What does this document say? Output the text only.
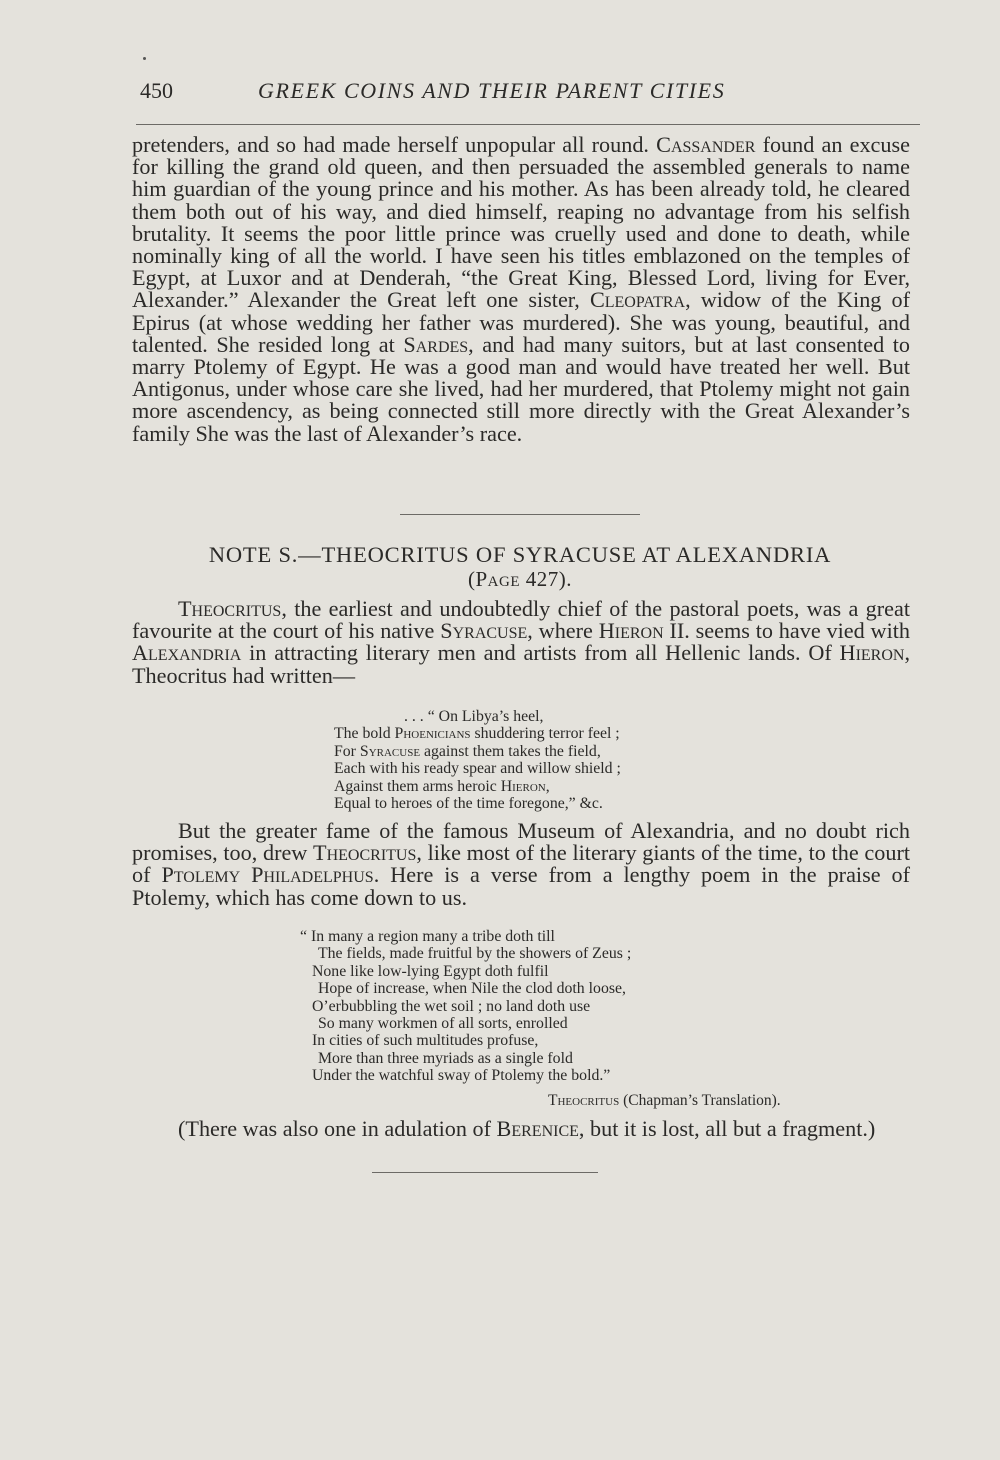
450	GREEK COINS AND THEIR PARENT CITIES

pretenders, and so had made herself unpopular all round. Cassander found an excuse for killing the grand old queen, and then persuaded the assembled generals to name him guardian of the young prince and his mother. As has been already told, he cleared them both out of his way, and died himself, reaping no advantage from his selfish brutality. It seems the poor little prince was cruelly used and done to death, while nominally king of all the world. I have seen his titles emblazoned on the temples of Egypt, at Luxor and at Denderah, “the Great King, Blessed Lord, living for Ever, Alexander.” Alexander the Great left one sister, Cleopatra, widow of the King of Epirus (at whose wedding her father was murdered). She was young, beautiful, and talented. She resided long at Sardes, and had many suitors, but at last consented to marry Ptolemy of Egypt. He was a good man and would have treated her well. But Antigonus, under whose care she lived, had her murdered, that Ptolemy might not gain more ascendency, as being connected still more directly with the Great Alexander’s family She was the last of Alexander’s race.

NOTE S.—THEOCRITUS OF SYRACUSE AT ALEXANDRIA
(Page 427).

Theocritus, the earliest and undoubtedly chief of the pastoral poets, was a great favourite at the court of his native Syracuse, where Hieron II. seems to have vied with Alexandria in attracting literary men and artists from all Hellenic lands. Of Hieron, Theocritus had written—

. . . “ On Libya’s heel,
The bold Phoenicians shuddering terror feel ;
For Syracuse against them takes the field,
Each with his ready spear and willow shield ;
Against them arms heroic Hieron,
Equal to heroes of the time foregone,” &c.

But the greater fame of the famous Museum of Alexandria, and no doubt rich promises, too, drew Theocritus, like most of the literary giants of the time, to the court of Ptolemy Philadelphus. Here is a verse from a lengthy poem in the praise of Ptolemy, which has come down to us.

“ In many a region many a tribe doth till
The fields, made fruitful by the showers of Zeus ;
None like low-lying Egypt doth fulfil
Hope of increase, when Nile the clod doth loose,
O’erbubbling the wet soil ; no land doth use
So many workmen of all sorts, enrolled
In cities of such multitudes profuse,
More than three myriads as a single fold
Under the watchful sway of Ptolemy the bold.”
Theocritus (Chapman’s Translation).

(There was also one in adulation of Berenice, but it is lost, all but a fragment.)
